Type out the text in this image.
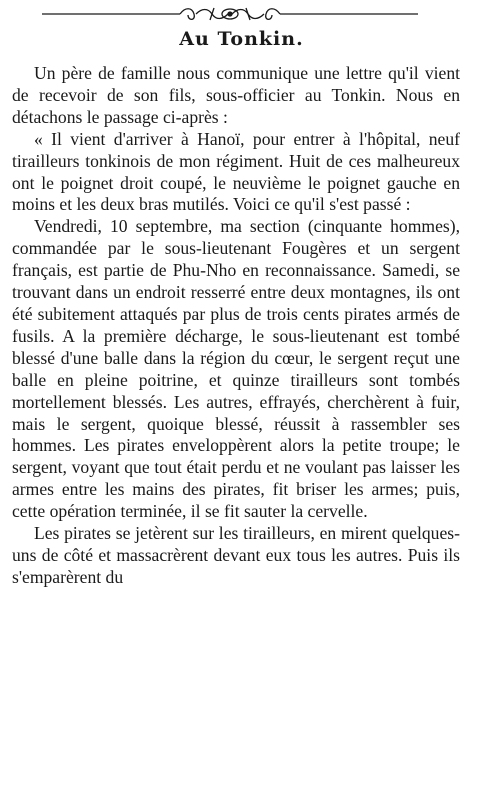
Au Tonkin.

Un père de famille nous communique une lettre qu'il vient de recevoir de son fils, sous-officier au Tonkin. Nous en détachons le passage ci-après :

« Il vient d'arriver à Hanoï, pour entrer à l'hôpital, neuf tirailleurs tonkinois de mon régiment. Huit de ces malheureux ont le poignet droit coupé, le neuvième le poignet gauche en moins et les deux bras mutilés. Voici ce qu'il s'est passé :

Vendredi, 10 septembre, ma section (cinquante hommes), commandée par le sous-lieutenant Fougères et un sergent français, est partie de Phu-Nho en reconnaissance. Samedi, se trouvant dans un endroit resserré entre deux montagnes, ils ont été subitement attaqués par plus de trois cents pirates armés de fusils. A la première décharge, le sous-lieutenant est tombé blessé d'une balle dans la région du cœur, le sergent reçut une balle en pleine poitrine, et quinze tirailleurs sont tombés mortellement blessés. Les autres, effrayés, cherchèrent à fuir, mais le sergent, quoique blessé, réussit à rassembler ses hommes. Les pirates enveloppèrent alors la petite troupe; le sergent, voyant que tout était perdu et ne voulant pas laisser les armes entre les mains des pirates, fit briser les armes; puis, cette opération terminée, il se fit sauter la cervelle.

Les pirates se jetèrent sur les tirailleurs, en mirent quelques-uns de côté et massacrèrent devant eux tous les autres. Puis ils s'emparèrent du
